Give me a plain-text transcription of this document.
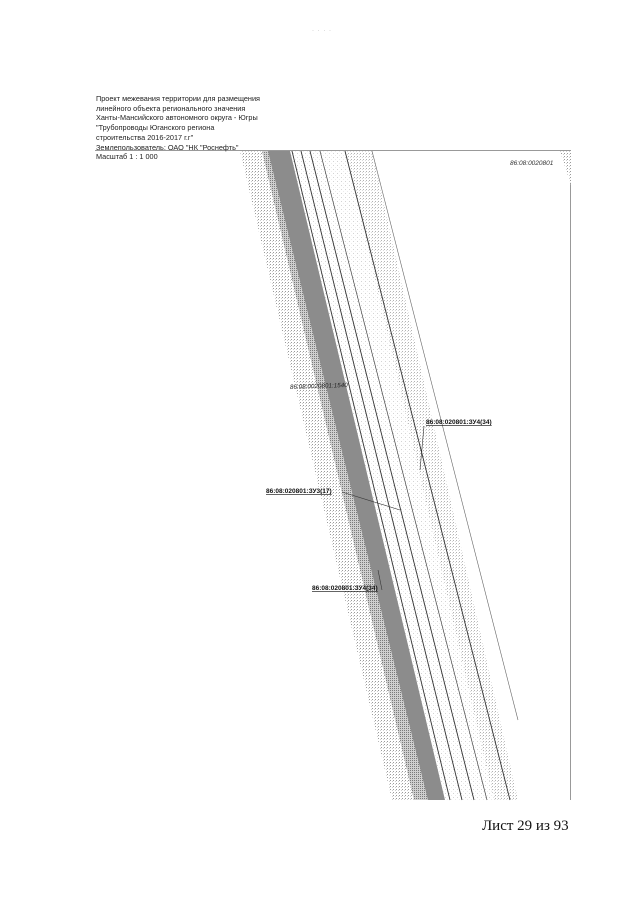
· · · ·
Проект межевания территории для размещения
линейного объекта регионального значения
Ханты-Мансийского автономного округа - Югры
"Трубопроводы Юганского региона
строительства 2016-2017 г.г"
Землепользователь: ОАО "НК "Роснефть"
Масштаб 1 : 1 000
86:08:0020801
86:08:0020801:1540
86:08:020801:ЗУ4(34)
86:08:020801:ЗУ3(17)
86:08:020801:ЗУ4(34)
Лист 29 из 93
